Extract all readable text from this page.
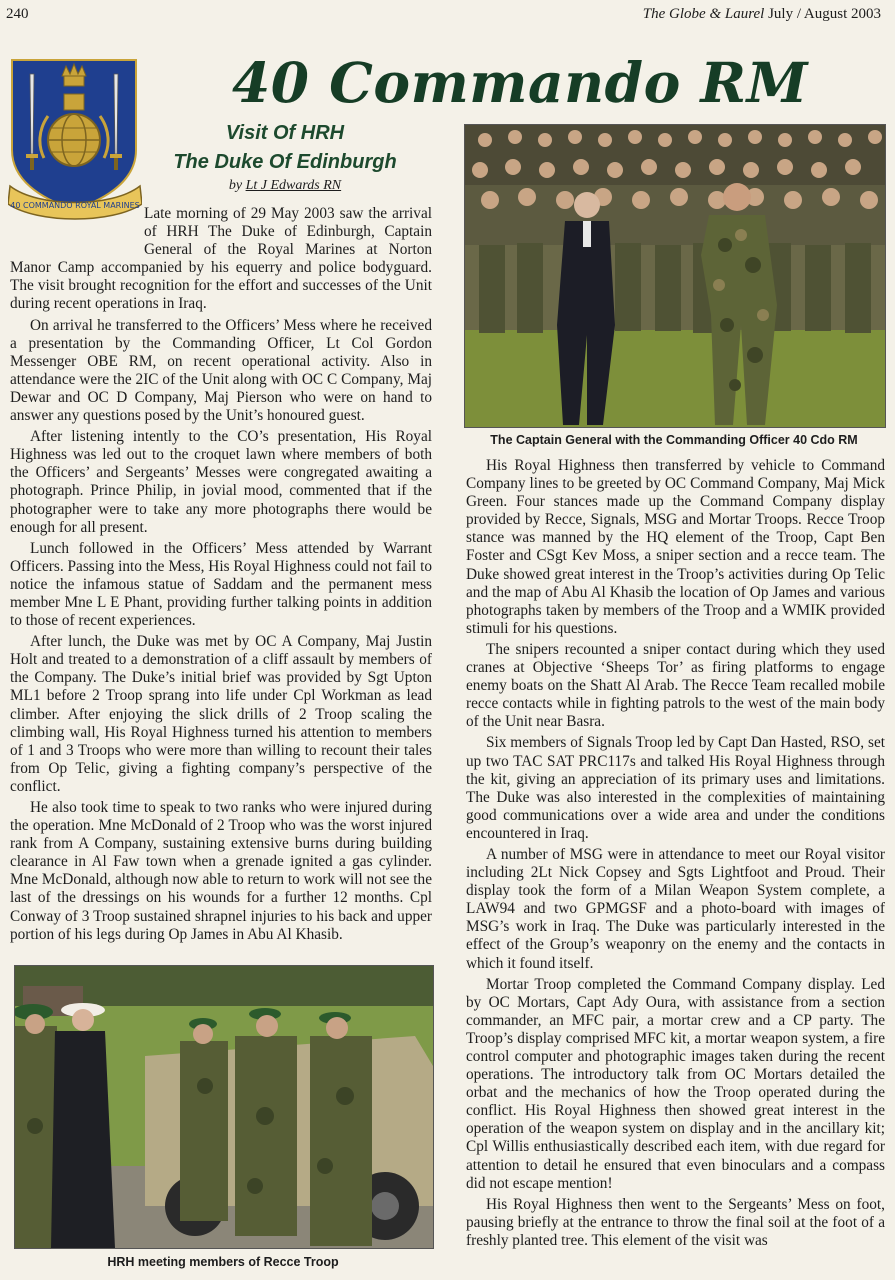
240	The Globe & Laurel July / August 2003
40 COMMANDO ROYAL MARINES
40 Commando RM
Visit Of HRH
The Duke Of Edinburgh
by Lt J Edwards RN

Late morning of 29 May 2003 saw the arrival of HRH The Duke of Edinburgh, Captain General of the Royal Marines at Norton Manor Camp accompanied by his equerry and police bodyguard. The visit brought recognition for the effort and successes of the Unit during recent operations in Iraq.

On arrival he transferred to the Officers’ Mess where he received a presentation by the Commanding Officer, Lt Col Gordon Messenger OBE RM, on recent operational activity. Also in attendance were the 2IC of the Unit along with OC C Company, Maj Dewar and OC D Company, Maj Pierson who were on hand to answer any questions posed by the Unit’s honoured guest.

After listening intently to the CO’s presentation, His Royal Highness was led out to the croquet lawn where members of both the Officers’ and Sergeants’ Messes were congregated awaiting a photograph. Prince Philip, in jovial mood, commented that if the photographer were to take any more photographs there would be enough for all present.

Lunch followed in the Officers’ Mess attended by Warrant Officers. Passing into the Mess, His Royal Highness could not fail to notice the infamous statue of Saddam and the permanent mess member Mne L E Phant, providing further talking points in addition to those of recent experiences.

After lunch, the Duke was met by OC A Company, Maj Justin Holt and treated to a demonstration of a cliff assault by members of the Company. The Duke’s initial brief was provided by Sgt Upton ML1 before 2 Troop sprang into life under Cpl Workman as lead climber. After enjoying the slick drills of 2 Troop scaling the climbing wall, His Royal Highness turned his attention to members of 1 and 3 Troops who were more than willing to recount their tales from Op Telic, giving a fighting company’s perspective of the conflict.

He also took time to speak to two ranks who were injured during the operation. Mne McDonald of 2 Troop who was the worst injured rank from A Company, sustaining extensive burns during building clearance in Al Faw town when a grenade ignited a gas cylinder. Mne McDonald, although now able to return to work will not see the last of the dressings on his wounds for a further 12 months. Cpl Conway of 3 Troop sustained shrapnel injuries to his back and upper portion of his legs during Op James in Abu Al Khasib.

The Captain General with the Commanding Officer 40 Cdo RM

His Royal Highness then transferred by vehicle to Command Company lines to be greeted by OC Command Company, Maj Mick Green. Four stances made up the Command Company display provided by Recce, Signals, MSG and Mortar Troops. Recce Troop stance was manned by the HQ element of the Troop, Capt Ben Foster and CSgt Kev Moss, a sniper section and a recce team. The Duke showed great interest in the Troop’s activities during Op Telic and the map of Abu Al Khasib the location of Op James and various photographs taken by members of the Troop and a WMIK provided stimuli for his questions.

The snipers recounted a sniper contact during which they used cranes at Objective ‘Sheeps Tor’ as firing platforms to engage enemy boats on the Shatt Al Arab. The Recce Team recalled mobile recce contacts while in fighting patrols to the west of the main body of the Unit near Basra.

Six members of Signals Troop led by Capt Dan Hasted, RSO, set up two TAC SAT PRC117s and talked His Royal Highness through the kit, giving an appreciation of its primary uses and limitations. The Duke was also interested in the complexities of maintaining good communications over a wide area and under the conditions encountered in Iraq.

A number of MSG were in attendance to meet our Royal visitor including 2Lt Nick Copsey and Sgts Lightfoot and Proud. Their display took the form of a Milan Weapon System complete, a LAW94 and two GPMGSF and a photo-board with images of MSG’s work in Iraq. The Duke was particularly interested in the effect of the Group’s weaponry on the enemy and the contacts in which it found itself.

Mortar Troop completed the Command Company display. Led by OC Mortars, Capt Ady Oura, with assistance from a section commander, an MFC pair, a mortar crew and a CP party. The Troop’s display comprised MFC kit, a mortar weapon system, a fire control computer and photographic images taken during the recent operations. The introductory talk from OC Mortars detailed the orbat and the mechanics of how the Troop operated during the conflict. His Royal Highness then showed great interest in the operation of the weapon system on display and in the ancillary kit; Cpl Willis enthusiastically described each item, with due regard for attention to detail he ensured that even binoculars and a compass did not escape mention!

His Royal Highness then went to the Sergeants’ Mess on foot, pausing briefly at the entrance to throw the final soil at the foot of a freshly planted tree. This element of the visit was

HRH meeting members of Recce Troop
